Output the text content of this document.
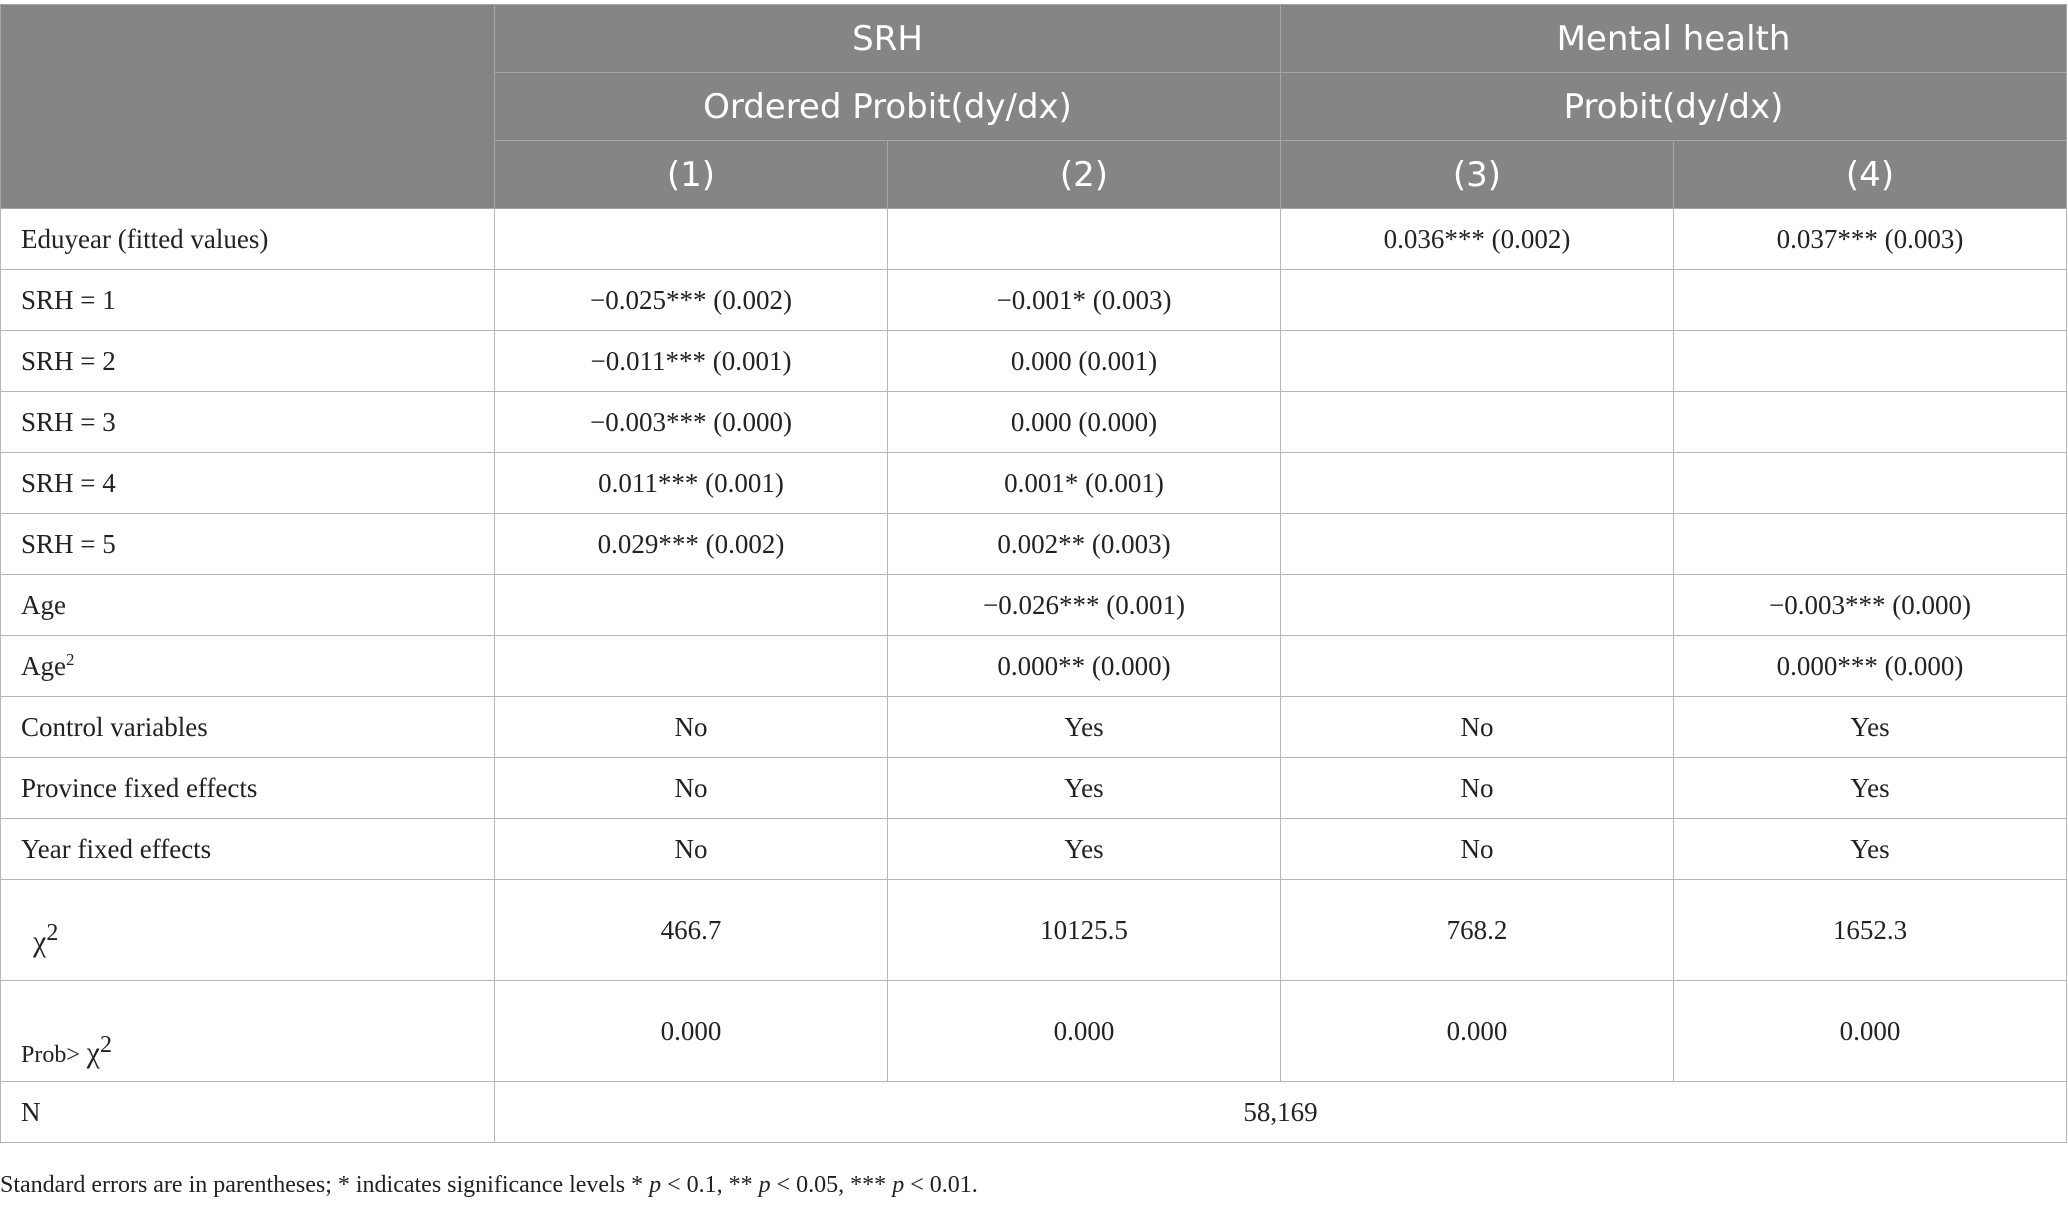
	SRH		Mental health	
	Ordered Probit(dy/dx)		Probit(dy/dx)	
	(1)	(2)	(3)	(4)
Eduyear (fitted values)			0.036*** (0.002)	0.037*** (0.003)
SRH = 1	−0.025*** (0.002)	−0.001* (0.003)		
SRH = 2	−0.011*** (0.001)	0.000 (0.001)		
SRH = 3	−0.003*** (0.000)	0.000 (0.000)		
SRH = 4	0.011*** (0.001)	0.001* (0.001)		
SRH = 5	0.029*** (0.002)	0.002** (0.003)		
Age		−0.026*** (0.001)		−0.003*** (0.000)
Age$^2$		0.000** (0.000)		0.000*** (0.000)
Control variables	No	Yes	No	Yes
Province fixed effects	No	Yes	No	Yes
Year fixed effects	No	Yes	No	Yes
$\chi^2$	466.7	10125.5	768.2	1652.3
Prob> $\chi^2$	0.000	0.000	0.000	0.000
N	58,169			
Standard errors are in parentheses; * indicates significance levels * p < 0.1, ** p < 0.05, *** p < 0.01.
